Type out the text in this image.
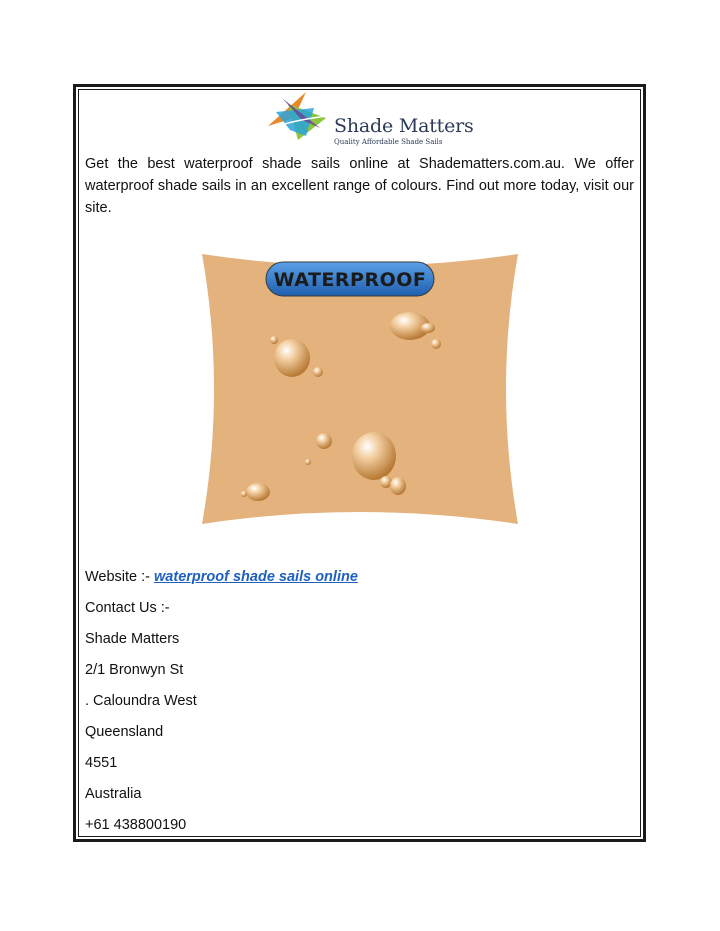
Shade Matters
Quality Affordable Shade Sails

Get the best waterproof shade sails online at Shadematters.com.au. We offer waterproof shade sails in an excellent range of colours. Find out more today, visit our site.

WATERPROOF

Website :- waterproof shade sails online

Contact Us :-

Shade Matters

2/1 Bronwyn St

. Caloundra West

Queensland

4551

Australia

+61 438800190
